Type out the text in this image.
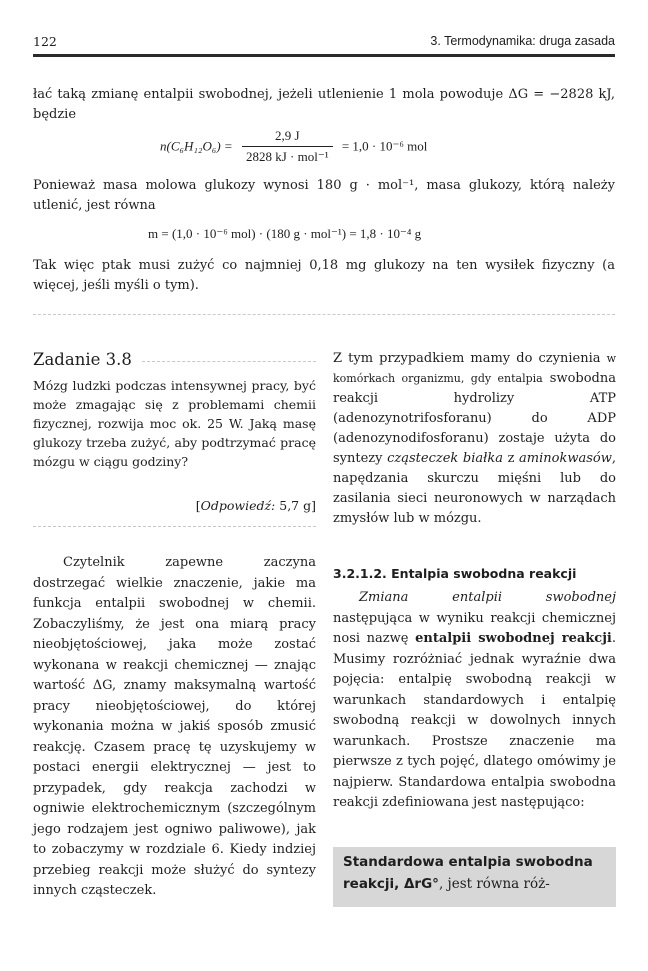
122	3. Termodynamika: druga zasada
łać taką zmianę entalpii swobodnej, jeżeli utlenienie 1 mola powoduje ΔG = −2828 kJ, będzie
$n(C_6H_{12}O_6) = \frac{2,9 J}{\text{2828 kJ · mol⁻¹}} = 1,0 \cdot 10^{-6}$ mol
Ponieważ masa molowa glukozy wynosi 180 g · mol⁻¹, masa glukozy, którą należy utlenić, jest równa
m = (1,0 · 10⁻⁶ mol) · (180 g · mol⁻¹) = 1,8 · 10⁻⁴ g
Tak więc ptak musi zużyć co najmniej 0,18 mg glukozy na ten wysiłek fizyczny (a więcej, jeśli myśli o tym).
Zadanie 3.8
Mózg ludzki podczas intensywnej pracy, być może zmagając się z problemami chemii fizycznej, rozwija moc ok. 25 W. Jaką masę glukozy trzeba zużyć, aby podtrzymać pracę mózgu w ciągu godziny?
[Odpowiedź: 5,7 g]
Czytelnik zapewne zaczyna dostrzegać wielkie znaczenie, jakie ma funkcja entalpii swobodnej w chemii. Zobaczyliśmy, że jest ona miarą pracy nieobjętościowej, jaka może zostać wykonana w reakcji chemicznej — znając wartość ΔG, znamy maksymalną wartość pracy nieobjętościowej, do której wykonania można w jakiś sposób zmusić reakcję. Czasem pracę tę uzyskujemy w postaci energii elektrycznej — jest to przypadek, gdy reakcja zachodzi w ogniwie elektrochemicznym (szczególnym jego rodzajem jest ogniwo paliwowe), jak to zobaczymy w rozdziale 6. Kiedy indziej przebieg reakcji może służyć do syntezy innych cząsteczek.
Z tym przypadkiem mamy do czynienia w komórkach organizmu, gdy entalpia swobodna reakcji hydrolizy ATP (adenozynotrifosforanu) do ADP (adenozynodifosforanu) zostaje użyta do syntezy cząsteczek białka z aminokwasów, napędzania skurczu mięśni lub do zasilania sieci neuronowych w narządach zmysłów lub w mózgu.
3.2.1.2. Entalpia swobodna reakcji
Zmiana entalpii swobodnej następująca w wyniku reakcji chemicznej nosi nazwę entalpii swobodnej reakcji. Musimy rozróżniać jednak wyraźnie dwa pojęcia: entalpię swobodną reakcji w warunkach standardowych i entalpię swobodną reakcji w dowolnych innych warunkach. Prostsze znaczenie ma pierwsze z tych pojęć, dlatego omówimy je najpierw. Standardowa entalpia swobodna reakcji zdefiniowana jest następująco:
Standardowa entalpia swobodna reakcji, ΔrG°, jest równa róż-
